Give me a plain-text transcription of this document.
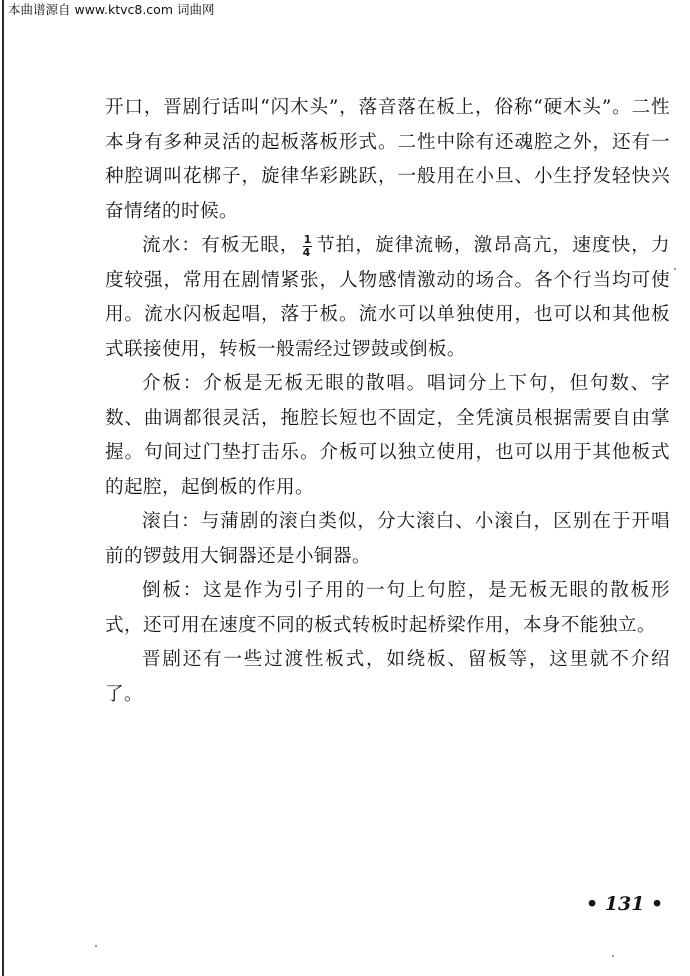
本曲谱源自 www.ktvc8.com 词曲网

开口，晋剧行话叫“闪木头”，落音落在板上，俗称“硬木头”。二性本身有多种灵活的起板落板形式。二性中除有还魂腔之外，还有一种腔调叫花梆子，旋律华彩跳跃，一般用在小旦、小生抒发轻快兴奋情绪的时候。

流水：有板无眼， $\frac{1}{4}$ 节拍，旋律流畅，激昂高亢，速度快，力度较强，常用在剧情紧张，人物感情激动的场合。各个行当均可使用。流水闪板起唱，落于板。流水可以单独使用，也可以和其他板式联接使用，转板一般需经过锣鼓或倒板。

介板：介板是无板无眼的散唱。唱词分上下句，但句数、字数、曲调都很灵活，拖腔长短也不固定，全凭演员根据需要自由掌握。句间过门垫打击乐。介板可以独立使用，也可以用于其他板式的起腔，起倒板的作用。

滚白：与蒲剧的滚白类似，分大滚白、小滚白，区别在于开唱前的锣鼓用大铜器还是小铜器。

倒板：这是作为引子用的一句上句腔，是无板无眼的散板形式，还可用在速度不同的板式转板时起桥梁作用，本身不能独立。

晋剧还有一些过渡性板式，如绕板、留板等，这里就不介绍了。

• 131 •
